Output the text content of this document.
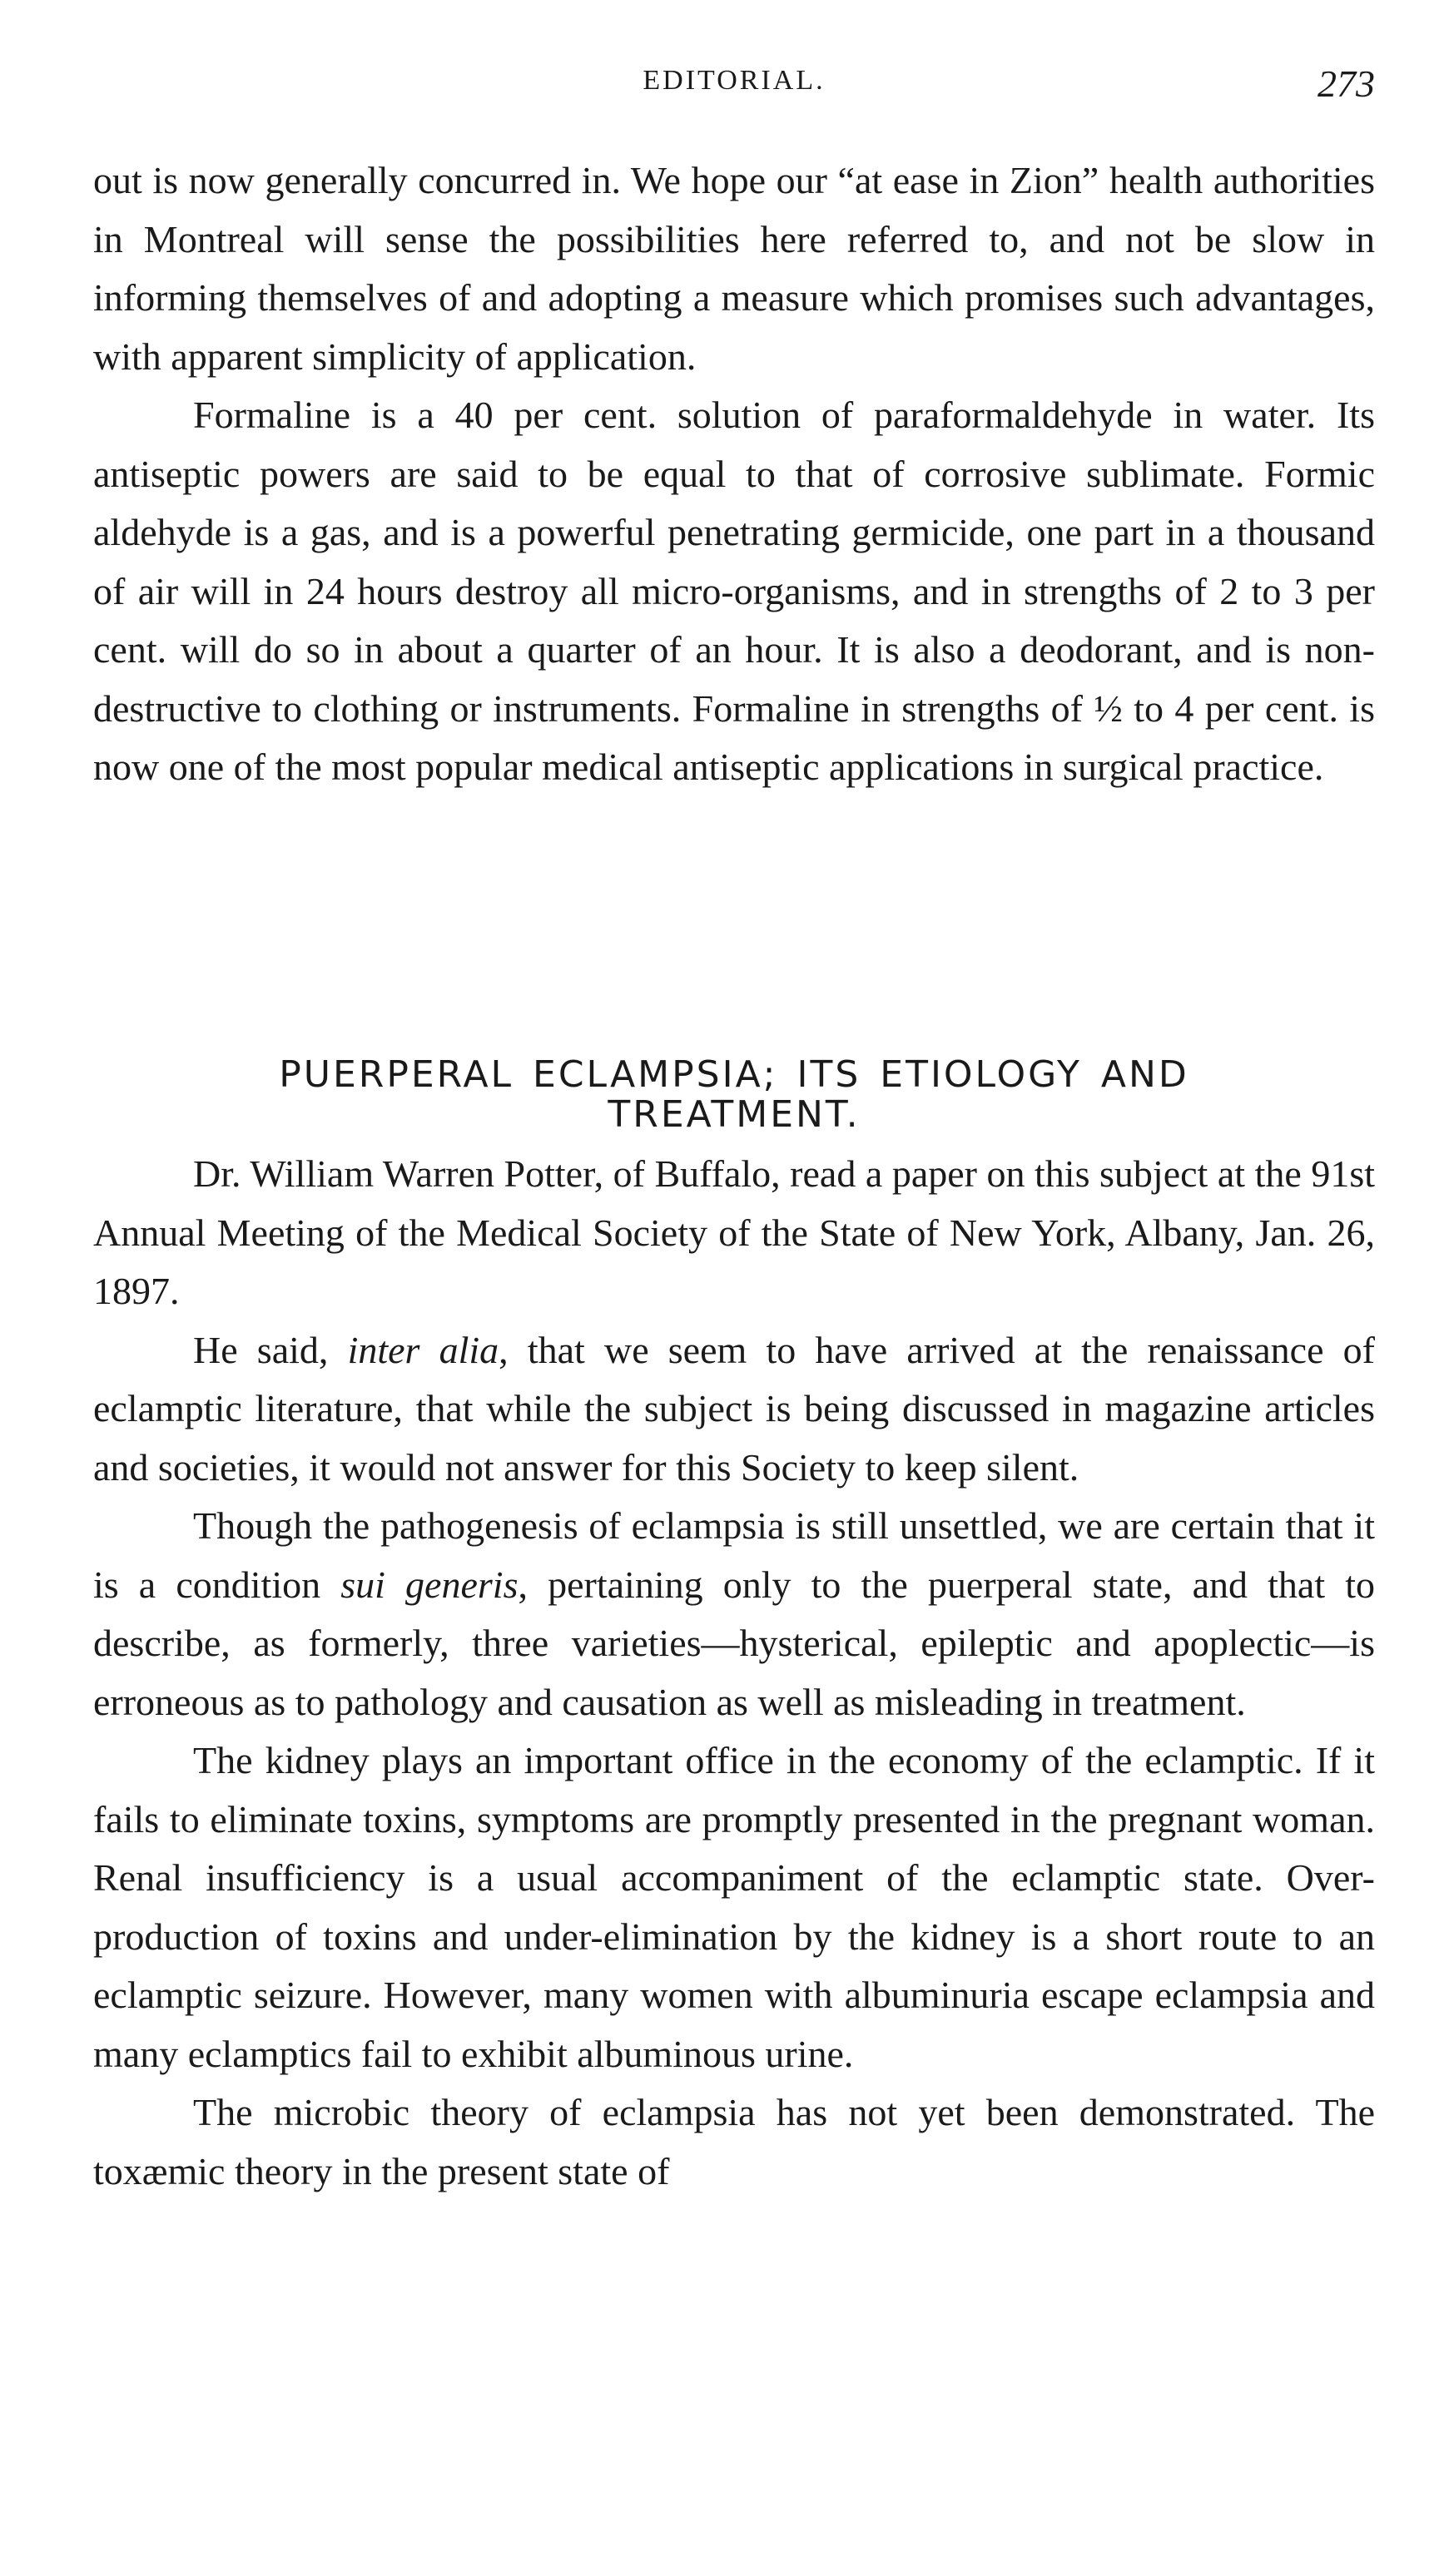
EDITORIAL.	273

out is now generally concurred in. We hope our “at ease in Zion” health authorities in Montreal will sense the possibilities here referred to, and not be slow in informing themselves of and adopting a measure which promises such advantages, with apparent simplicity of application.

Formaline is a 40 per cent. solution of paraformaldehyde in water. Its antiseptic powers are said to be equal to that of corrosive sublimate. Formic aldehyde is a gas, and is a powerful penetrating germicide, one part in a thousand of air will in 24 hours destroy all micro-organisms, and in strengths of 2 to 3 per cent. will do so in about a quarter of an hour. It is also a deodorant, and is non-destructive to clothing or instruments. Formaline in strengths of ½ to 4 per cent. is now one of the most popular medical antiseptic applications in surgical practice.

PUERPERAL ECLAMPSIA; ITS ETIOLOGY AND
TREATMENT.

Dr. William Warren Potter, of Buffalo, read a paper on this subject at the 91st Annual Meeting of the Medical Society of the State of New York, Albany, Jan. 26, 1897.

He said, inter alia, that we seem to have arrived at the renaissance of eclamptic literature, that while the subject is being discussed in magazine articles and societies, it would not answer for this Society to keep silent.

Though the pathogenesis of eclampsia is still unsettled, we are certain that it is a condition sui generis, pertaining only to the puerperal state, and that to describe, as formerly, three varieties—hysterical, epileptic and apoplectic—is erroneous as to pathology and causation as well as misleading in treatment.

The kidney plays an important office in the economy of the eclamptic. If it fails to eliminate toxins, symptoms are promptly presented in the pregnant woman. Renal insufficiency is a usual accompaniment of the eclamptic state. Over-production of toxins and under-elimination by the kidney is a short route to an eclamptic seizure. However, many women with albuminuria escape eclampsia and many eclamptics fail to exhibit albuminous urine.

The microbic theory of eclampsia has not yet been demonstrated. The toxæmic theory in the present state of
